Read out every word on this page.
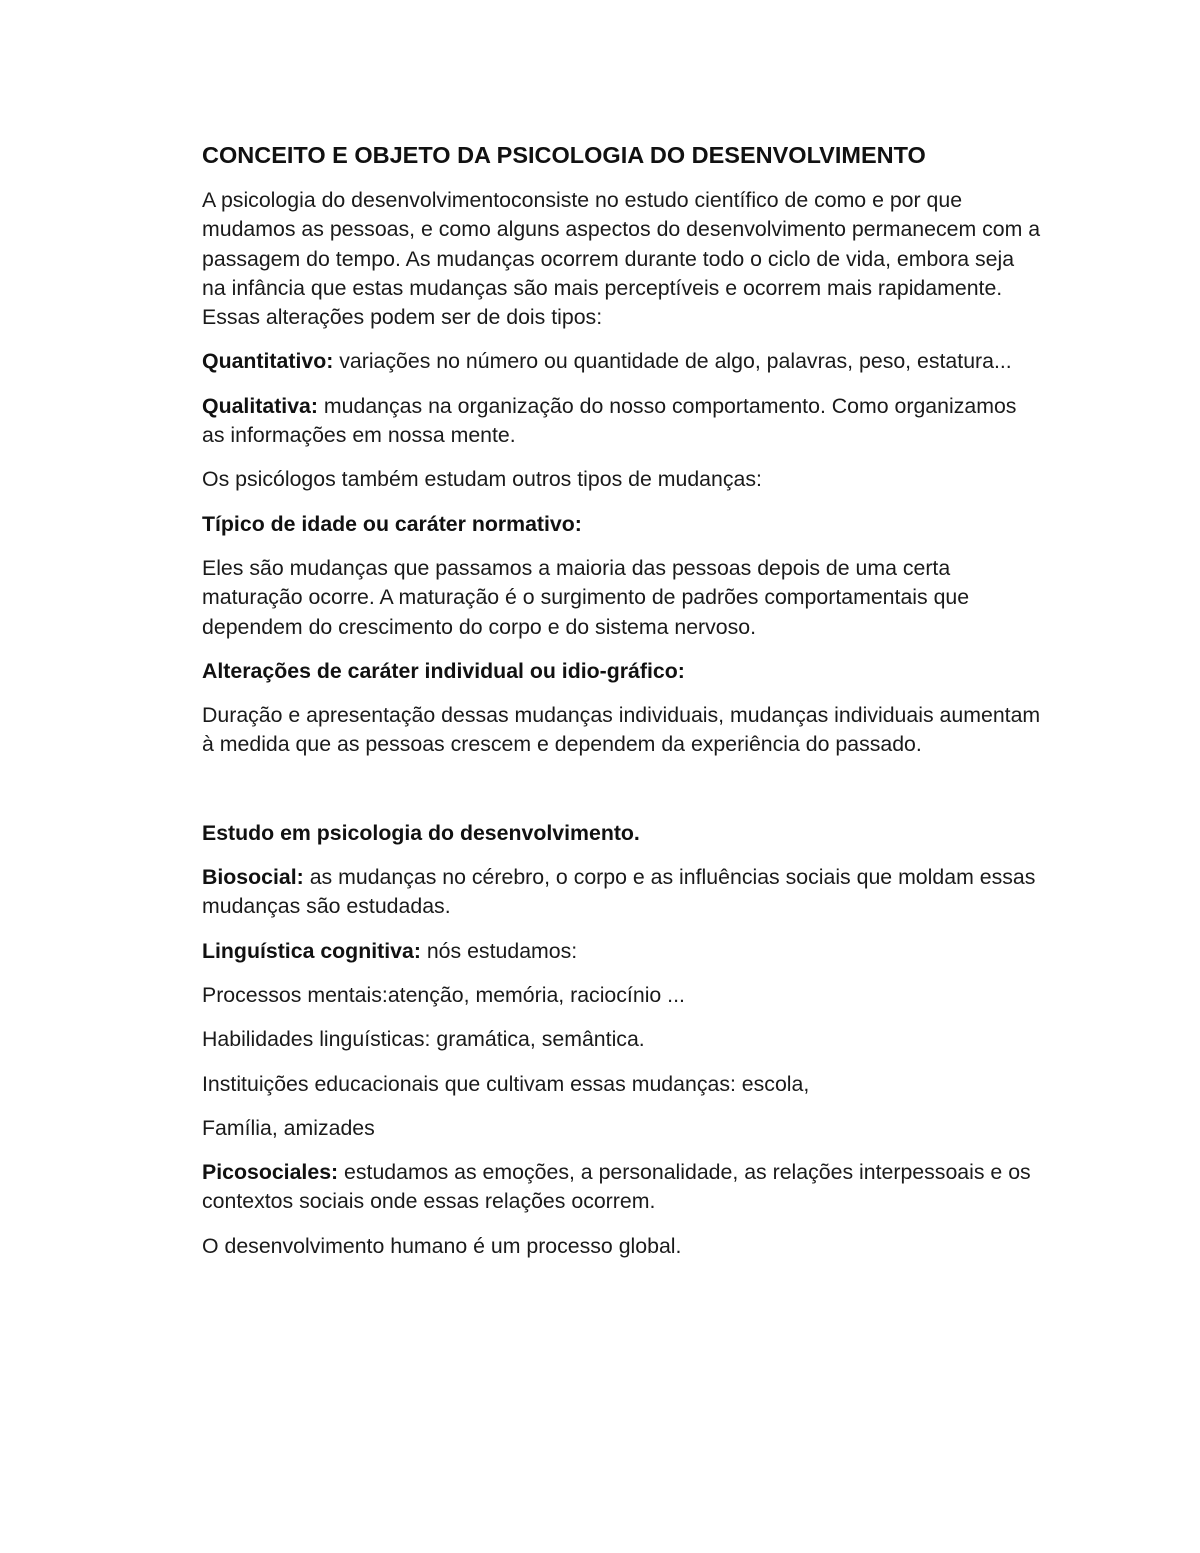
CONCEITO E OBJETO DA PSICOLOGIA DO DESENVOLVIMENTO

A psicologia do desenvolvimentoconsiste no estudo científico de como e por que mudamos as pessoas, e como alguns aspectos do desenvolvimento permanecem com a passagem do tempo. As mudanças ocorrem durante todo o ciclo de vida, embora seja na infância que estas mudanças são mais perceptíveis e ocorrem mais rapidamente. Essas alterações podem ser de dois tipos:

Quantitativo: variações no número ou quantidade de algo, palavras, peso, estatura...

Qualitativa: mudanças na organização do nosso comportamento. Como organizamos as informações em nossa mente.

Os psicólogos também estudam outros tipos de mudanças:

Típico de idade ou caráter normativo:

Eles são mudanças que passamos a maioria das pessoas depois de uma certa maturação ocorre. A maturação é o surgimento de padrões comportamentais que dependem do crescimento do corpo e do sistema nervoso.

Alterações de caráter individual ou idio-gráfico:

Duração e apresentação dessas mudanças individuais, mudanças individuais aumentam à medida que as pessoas crescem e dependem da experiência do passado.

Estudo em psicologia do desenvolvimento.

Biosocial: as mudanças no cérebro, o corpo e as influências sociais que moldam essas mudanças são estudadas.

Linguística cognitiva: nós estudamos:

Processos mentais:atenção, memória, raciocínio ...

Habilidades linguísticas: gramática, semântica.

Instituições educacionais que cultivam essas mudanças: escola,

Família, amizades

Picosociales: estudamos as emoções, a personalidade, as relações interpessoais e os contextos sociais onde essas relações ocorrem.

O desenvolvimento humano é um processo global.
